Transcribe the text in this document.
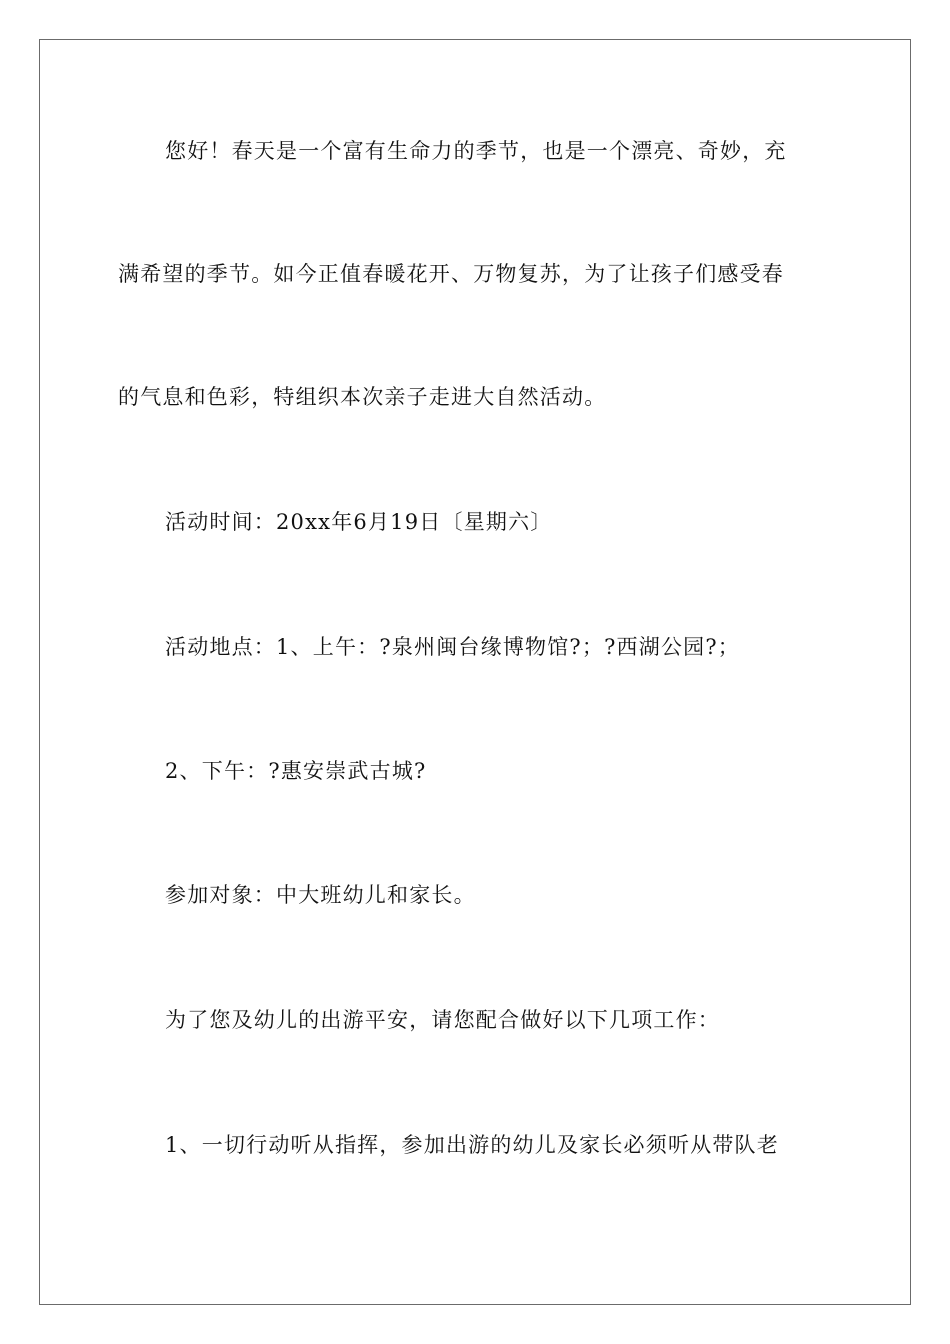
您好！春天是一个富有生命力的季节，也是一个漂亮、奇妙，充

满希望的季节。如今正值春暖花开、万物复苏，为了让孩子们感受春

的气息和色彩，特组织本次亲子走进大自然活动。

活动时间：20xx年6月19日〔星期六〕

活动地点：1、上午：?泉州闽台缘博物馆?；?西湖公园?；

2、下午：?惠安崇武古城?

参加对象：中大班幼儿和家长。

为了您及幼儿的出游平安，请您配合做好以下几项工作：

1、一切行动听从指挥，参加出游的幼儿及家长必须听从带队老
